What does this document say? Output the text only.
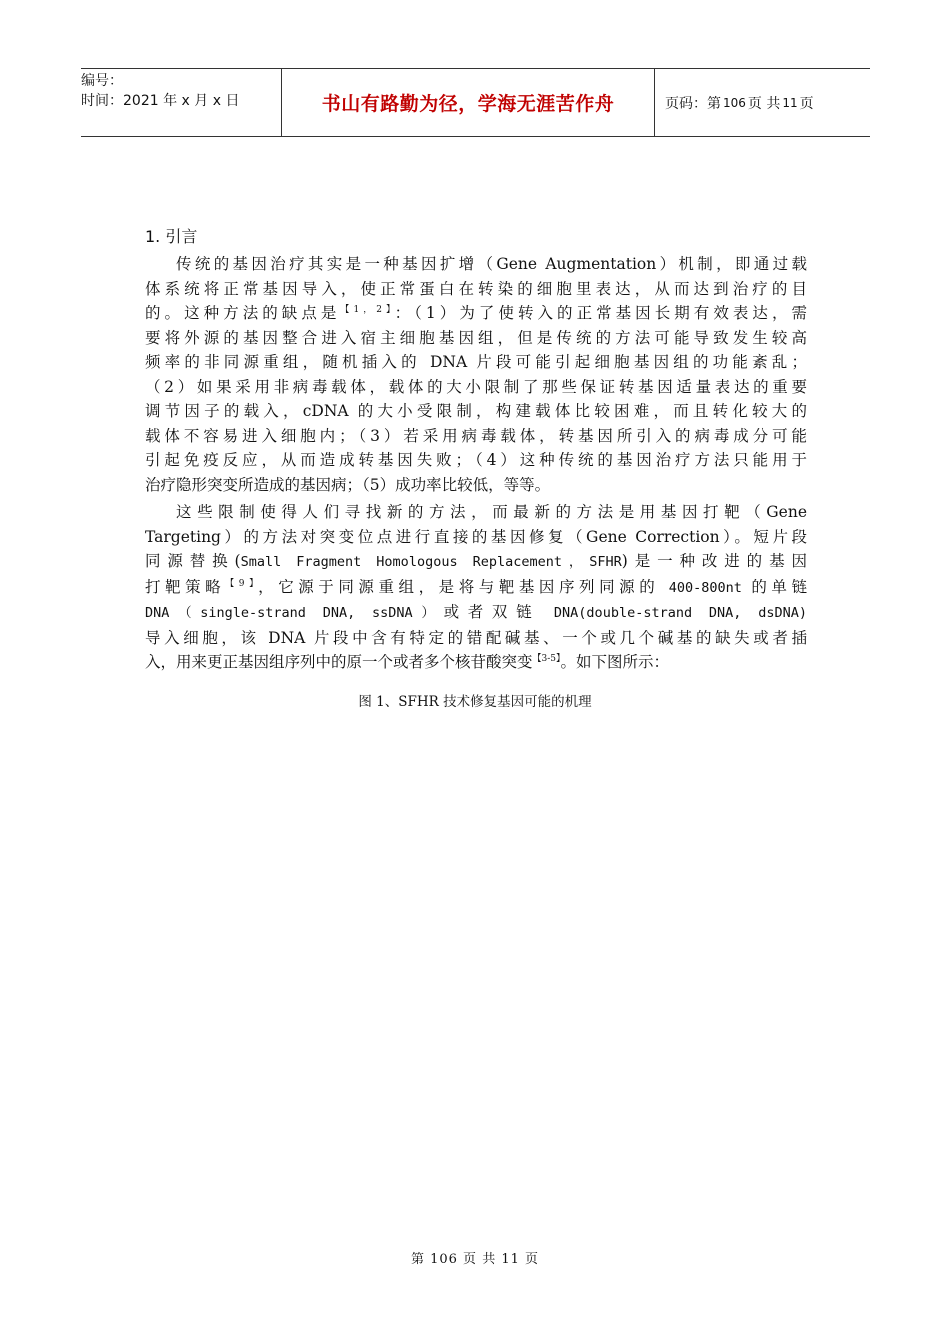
编号：
时间：2021 年 x 月 x 日	书山有路勤为径，学海无涯苦作舟	页码：第 106 页 共 11 页
1. 引言
传统的基因治疗其实是一种基因扩增（Gene Augmentation）机制，即通过载
体系统将正常基因导入，使正常蛋白在转染的细胞里表达，从而达到治疗的目
的。这种方法的缺点是$^{【1,2】}$：（1）为了使转入的正常基因长期有效表达，需
要将外源的基因整合进入宿主细胞基因组，但是传统的方法可能导致发生较高
频率的非同源重组，随机插入的 DNA 片段可能引起细胞基因组的功能紊乱；
（2）如果采用非病毒载体，载体的大小限制了那些保证转基因适量表达的重要
调节因子的载入，cDNA 的大小受限制，构建载体比较困难，而且转化较大的
载体不容易进入细胞内；（3）若采用病毒载体，转基因所引入的病毒成分可能
引起免疫反应，从而造成转基因失败；（4）这种传统的基因治疗方法只能用于
治疗隐形突变所造成的基因病；（5）成功率比较低，等等。
这些限制使得人们寻找新的方法，而最新的方法是用基因打靶（Gene
Targeting）的方法对突变位点进行直接的基因修复（Gene Correction）。短片段
同源替换(Small Fragment Homologous Replacement，SFHR)是一种改进的基因
打靶策略$^{【9】}$，它源于同源重组，是将与靶基因序列同源的 400-800nt 的单链
DNA（single-strand DNA, ssDNA）或者双链 DNA(double-strand DNA, dsDNA)
导入细胞，该 DNA 片段中含有特定的错配碱基、一个或几个碱基的缺失或者插
入，用来更正基因组序列中的原一个或者多个核苷酸突变$^{【3-5】}$。如下图所示：
图 1、SFHR 技术修复基因可能的机理
第 106 页 共 11 页
